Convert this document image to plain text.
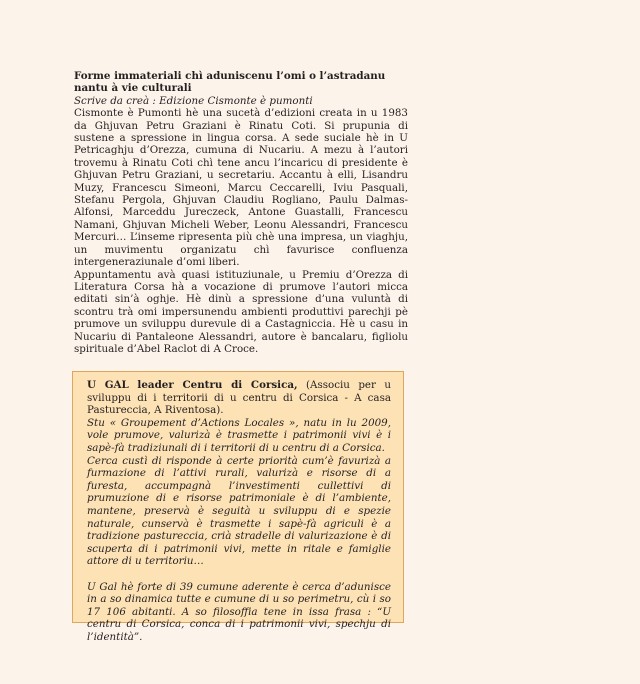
Forme immateriali chì aduniscenu l’omi o l’astradanu nantu à vie culturali

Scrive da creà : Edizione Cismonte è pumonti

Cismonte è Pumonti hè una sucetà d’edizioni creata in u 1983 da Ghjuvan Petru Graziani è Rinatu Coti. Si prupunia di sustene a spressione in lingua corsa. A sede suciale hè in U Petricaghju d’Orezza, cumuna di Nucariu. A mezu à l’autori trovemu à Rinatu Coti chì tene ancu l’incaricu di presidente è Ghjuvan Petru Graziani, u secretariu. Accantu à elli, Lisandru Muzy, Francescu Simeoni, Marcu Ceccarelli, Iviu Pasquali, Stefanu Pergola, Ghjuvan Claudiu Rogliano, Paulu Dalmas-Alfonsi, Marceddu Jureczeck, Antone Guastalli, Francescu Namani, Ghjuvan Micheli Weber, Leonu Alessandri, Francescu Mercuri… L’inseme ripresenta più chè una impresa, un viaghju, un muvimentu organizatu chì favurisce confluenza intergeneraziunale d’omi liberi.

Appuntamentu avà quasi istituziunale, u Premiu d’Orezza di Literatura Corsa hà a vocazione di prumove l’autori micca editati sin’à oghje. Hè dinù a spressione d’una vuluntà di scontru trà omi impersunendu ambienti produttivi parechji pè prumove un sviluppu durevule di a Castagniccia. Hè u casu in Nucariu di Pantaleone Alessandri, autore è bancalaru, figliolu spirituale d’Abel Raclot di A Croce.

U GAL leader Centru di Corsica, (Associu per u sviluppu di i territorii di u centru di Corsica - A casa Pastureccia, A Riventosa).

Stu « Groupement d’Actions Locales », natu in lu 2009, vole prumove, valurizà è trasmette i patrimonii vivi è i sapè-fà tradiziunali di i territorii di u centru di a Corsica.

Cerca custì di risponde à certe priorità cum’è favurizà a furmazione di l’attivi rurali, valurizà e risorse di a furesta, accumpagnà l’investimenti cullettivi di prumuzione di e risorse patrimoniale è di l’ambiente, mantene, preservà è seguità u sviluppu di e spezie naturale, cunservà è trasmette i sapè-fà agriculi è a tradizione pastureccia, crià stradelle di valurizazione è di scuperta di i patrimonii vivi, mette in ritale e famiglie attore di u territoriu…

U Gal hè forte di 39 cumune aderente è cerca d’adunisce in a so dinamica tutte e cumune di u so perimetru, cù i so 17 106 abitanti. A so filosoffia tene in issa frasa : “U centru di Corsica, conca di i patrimonii vivi, spechju di l’identità”.
